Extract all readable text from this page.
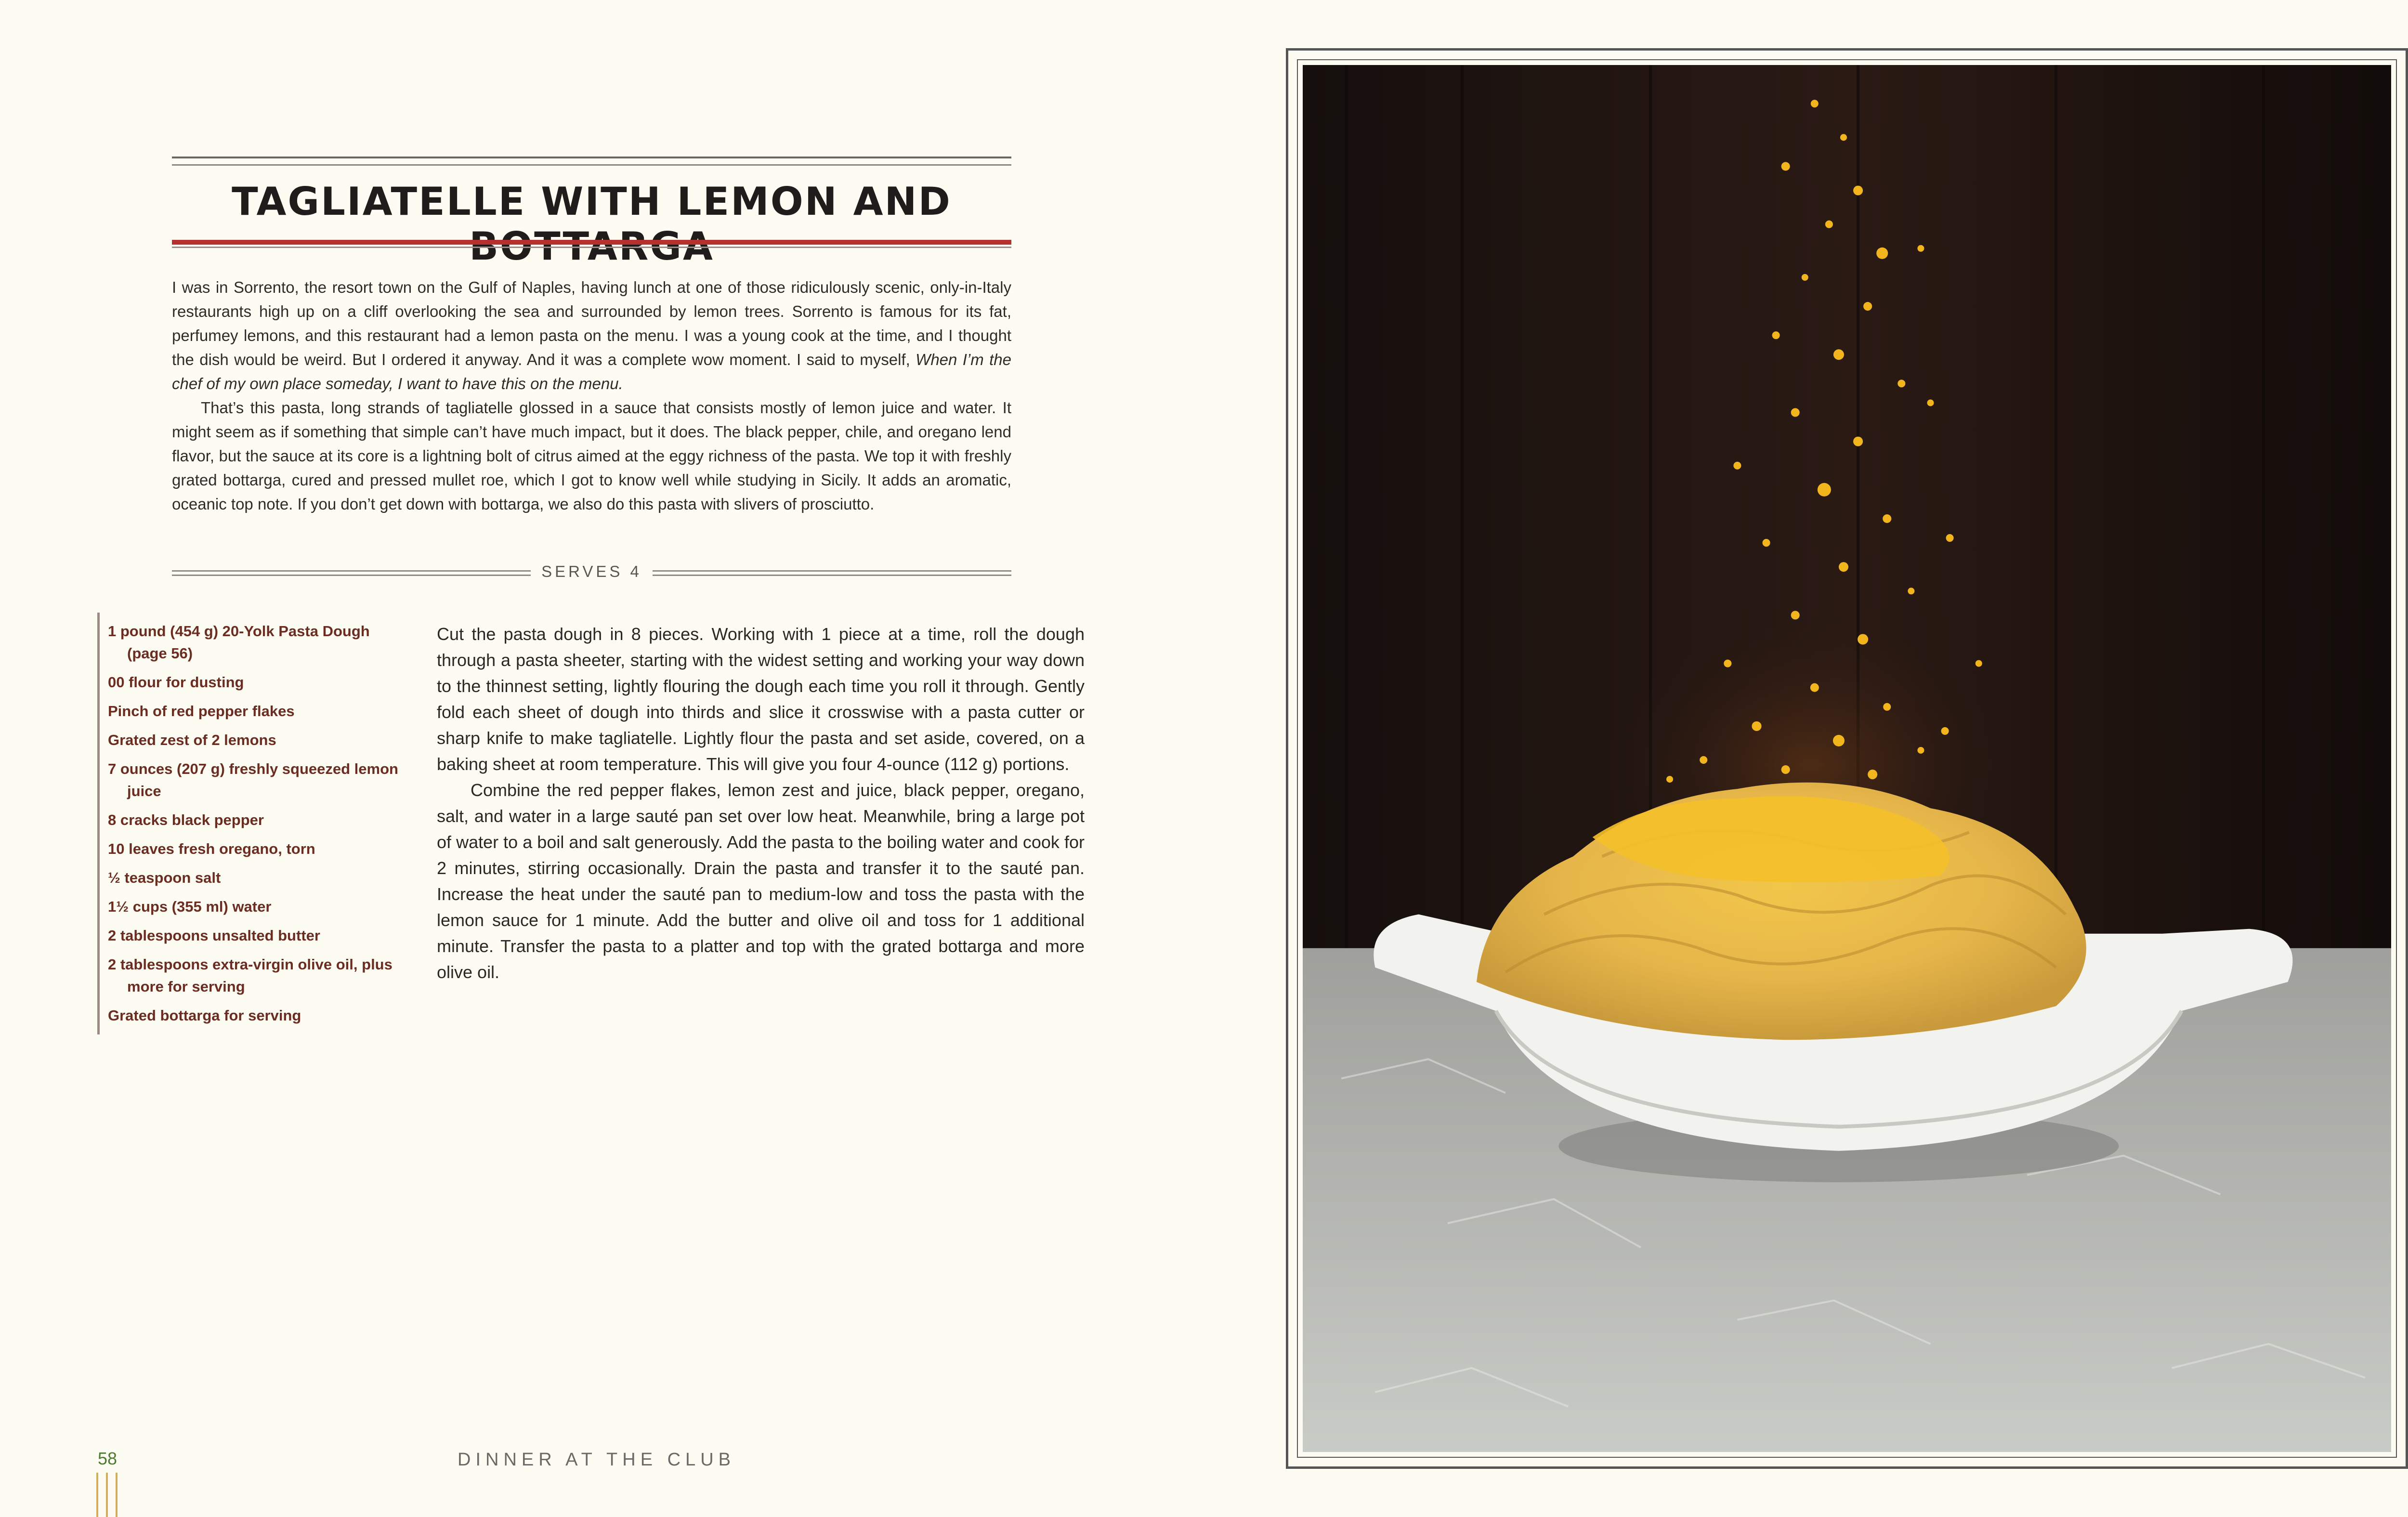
TAGLIATELLE WITH LEMON AND

I was in Sorrento, the resort town on the Gulf of Naples, having lunch at one of those ridiculously scenic, only-in-Italy restaurants high up on a cliff overlooking the sea and surrounded by lemon trees. Sorrento is famous for its fat, perfumey lemons, and this restaurant had a lemon pasta on the menu. I was a young cook at the time, and I thought the dish would be weird. But I ordered it anyway. And it was a complete wow moment. I said to myself, When I’m the chef of my own place someday, I want to have this on the menu.

That’s this pasta, long strands of tagliatelle glossed in a sauce that consists mostly of lemon juice and water. It might seem as if something that simple can’t have much impact, but it does. The black pepper, chile, and oregano lend flavor, but the sauce at its core is a lightning bolt of citrus aimed at the eggy richness of the pasta. We top it with freshly grated bottarga, cured and pressed mullet roe, which I got to know well while studying in Sicily. It adds an aromatic, oceanic top note. If you don’t get down with bottarga, we also do this pasta with slivers of prosciutto.

SERVES 4
1 pound (454 g) 20-Yolk Pasta Dough (page 56)
00 flour for dusting
Pinch of red pepper flakes
Grated zest of 2 lemons
7 ounces (207 g) freshly squeezed lemon juice
8 cracks black pepper
10 leaves fresh oregano, torn
½ teaspoon salt
1½ cups (355 ml) water
2 tablespoons unsalted butter
2 tablespoons extra-virgin olive oil, plus more for serving
Grated bottarga for serving

Cut the pasta dough in 8 pieces. Working with 1 piece at a time, roll the dough through a pasta sheeter, starting with the widest setting and working your way down to the thinnest setting, lightly flouring the dough each time you roll it through. Gently fold each sheet of dough into thirds and slice it crosswise with a pasta cutter or sharp knife to make tagliatelle. Lightly flour the pasta and set aside, covered, on a baking sheet at room temperature. This will give you four 4-ounce (112 g) portions.

Combine the red pepper flakes, lemon zest and juice, black pepper, oregano, salt, and water in a large sauté pan set over low heat. Meanwhile, bring a large pot of water to a boil and salt generously. Add the pasta to the boiling water and cook for 2 minutes, stirring occasionally. Drain the pasta and transfer it to the sauté pan. Increase the heat under the sauté pan to medium-low and toss the pasta with the lemon sauce for 1 minute. Add the butter and olive oil and toss for 1 additional minute. Transfer the pasta to a platter and top with the grated bottarga and more olive oil.

58	DINNER AT THE CLUB
